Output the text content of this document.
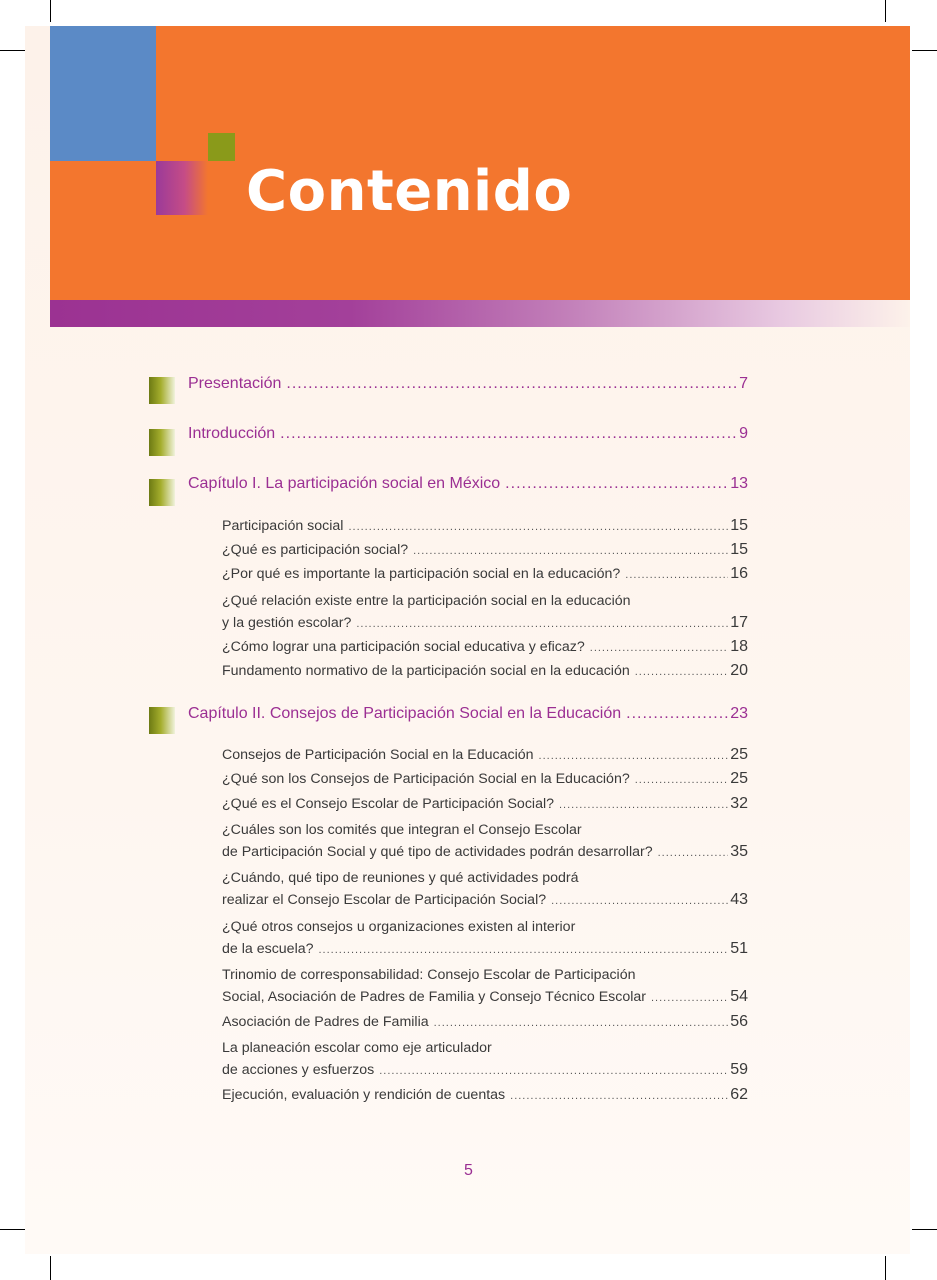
Contenido
Presentación .....	7
Introducción .....	9
Capítulo I. La participación social en México .....	13
Participación social .....	15
¿Qué es participación social? .....	15
¿Por qué es importante la participación social en la educación? .....	16
¿Qué relación existe entre la participación social en la educación
y la gestión escolar? .....	17
¿Cómo lograr una participación social educativa y eficaz? .....	18
Fundamento normativo de la participación social en la educación .....	20
Capítulo II. Consejos de Participación Social en la Educación .....	23
Consejos de Participación Social en la Educación .....	25
¿Qué son los Consejos de Participación Social en la Educación? .....	25
¿Qué es el Consejo Escolar de Participación Social? .....	32
¿Cuáles son los comités que integran el Consejo Escolar
de Participación Social y qué tipo de actividades podrán desarrollar? .....	35
¿Cuándo, qué tipo de reuniones y qué actividades podrá
realizar el Consejo Escolar de Participación Social? .....	43
¿Qué otros consejos u organizaciones existen al interior
de la escuela? .....	51
Trinomio de corresponsabilidad: Consejo Escolar de Participación
Social, Asociación de Padres de Familia y Consejo Técnico Escolar .....	54
Asociación de Padres de Familia .....	56
La planeación escolar como eje articulador
de acciones y esfuerzos .....	59
Ejecución, evaluación y rendición de cuentas .....	62
5
